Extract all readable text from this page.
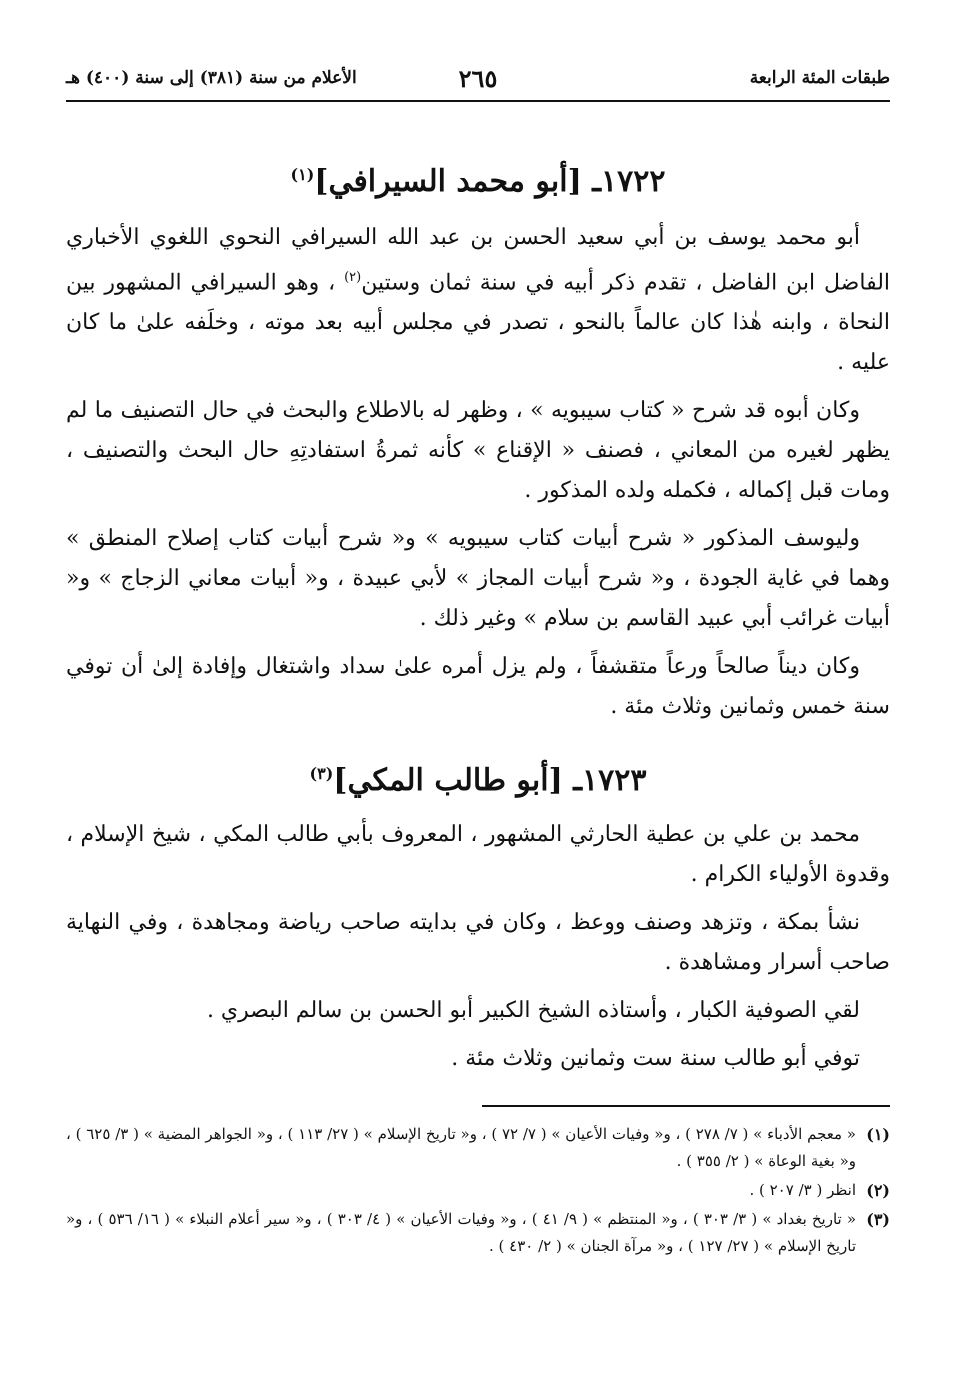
طبقات المئة الرابعة
٢٦٥
الأعلام من سنة (٣٨١) إلى سنة (٤٠٠) هـ
١٧٢٢ـ [أبو محمد السيرافي]$^{(١)}$

أبو محمد يوسف بن أبي سعيد الحسن بن عبد الله السيرافي النحوي اللغوي الأخباري الفاضل ابن الفاضل ، تقدم ذكر أبيه في سنة ثمان وستين$^{(٢)}$ ، وهو السيرافي المشهور بين النحاة ، وابنه هٰذا كان عالماً بالنحو ، تصدر في مجلس أبيه بعد موته ، وخلَفه علىٰ ما كان عليه .

وكان أبوه قد شرح « كتاب سيبويه » ، وظهر له بالاطلاع والبحث في حال التصنيف ما لم يظهر لغيره من المعاني ، فصنف « الإقناع » كأنه ثمرةُ استفادتِهِ حال البحث والتصنيف ، ومات قبل إكماله ، فكمله ولده المذكور .

وليوسف المذكور « شرح أبيات كتاب سيبويه » و« شرح أبيات كتاب إصلاح المنطق » وهما في غاية الجودة ، و« شرح أبيات المجاز » لأبي عبيدة ، و« أبيات معاني الزجاج » و« أبيات غرائب أبي عبيد القاسم بن سلام » وغير ذلك .

وكان ديناً صالحاً ورعاً متقشفاً ، ولم يزل أمره علىٰ سداد واشتغال وإفادة إلىٰ أن توفي سنة خمس وثمانين وثلاث مئة .

١٧٢٣ـ [أبو طالب المكي]$^{(٣)}$

محمد بن علي بن عطية الحارثي المشهور ، المعروف بأبي طالب المكي ، شيخ الإسلام ، وقدوة الأولياء الكرام .

نشأ بمكة ، وتزهد وصنف ووعظ ، وكان في بدايته صاحب رياضة ومجاهدة ، وفي النهاية صاحب أسرار ومشاهدة .

لقي الصوفية الكبار ، وأستاذه الشيخ الكبير أبو الحسن بن سالم البصري .

توفي أبو طالب سنة ست وثمانين وثلاث مئة .

(١)
« معجم الأدباء » ( ٧/ ٢٧٨ ) ، و« وفيات الأعيان » ( ٧/ ٧٢ ) ، و« تاريخ الإسلام » ( ٢٧/ ١١٣ ) ، و« الجواهر المضية » ( ٣/ ٦٢٥ ) ، و« بغية الوعاة » ( ٢/ ٣٥٥ ) .
(٢)
انظر ( ٣/ ٢٠٧ ) .
(٣)
« تاريخ بغداد » ( ٣/ ٣٠٣ ) ، و« المنتظم » ( ٩/ ٤١ ) ، و« وفيات الأعيان » ( ٤/ ٣٠٣ ) ، و« سير أعلام النبلاء » ( ١٦/ ٥٣٦ ) ، و« تاريخ الإسلام » ( ٢٧/ ١٢٧ ) ، و« مرآة الجنان » ( ٢/ ٤٣٠ ) .
